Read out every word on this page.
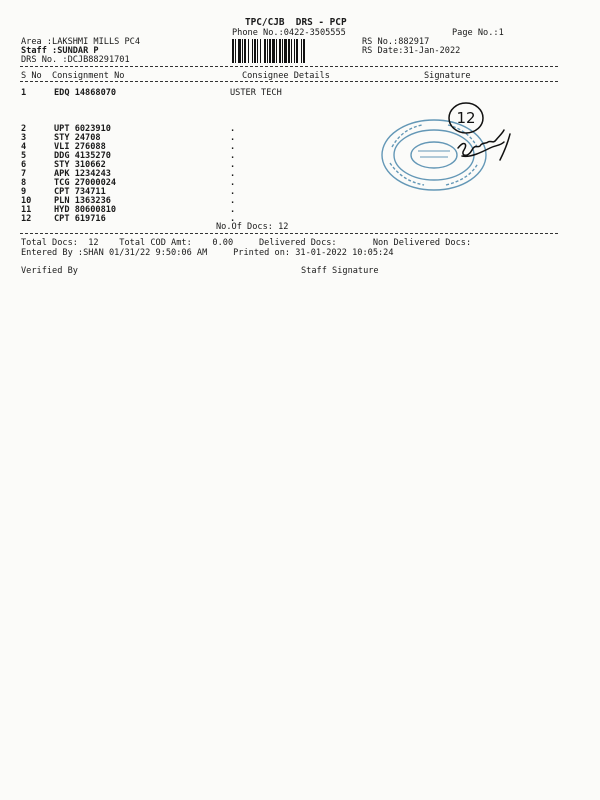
TPC/CJB  DRS - PCP
Phone No.:0422-3505555	Page No.:1
Area :LAKSHMI MILLS PC4
Staff :SUNDAR P
DRS No. :DCJB88291701
RS No.:882917
RS Date:31-Jan-2022
S No Consignment No	Consignee Details	Signature
1	EDQ 14868070	USTER TECH
2	UPT 6023910	.
3	STY 24708	.
4	VLI 276088	.
5	DDG 4135270	.
6	STY 310662	.
7	APK 1234243	.
8	TCG 27000024	.
9	CPT 734711	.
10	PLN 1363236	.
11	HYD 80600810	.
12	CPT 619716	.
No.Of Docs: 12
Total Docs:  12    Total COD Amt:    0.00     Delivered Docs:       Non Delivered Docs:
Entered By :SHAN 01/31/22 9:50:06 AM     Printed on: 31-01-2022 10:05:24
Verified By	Staff Signature
12
